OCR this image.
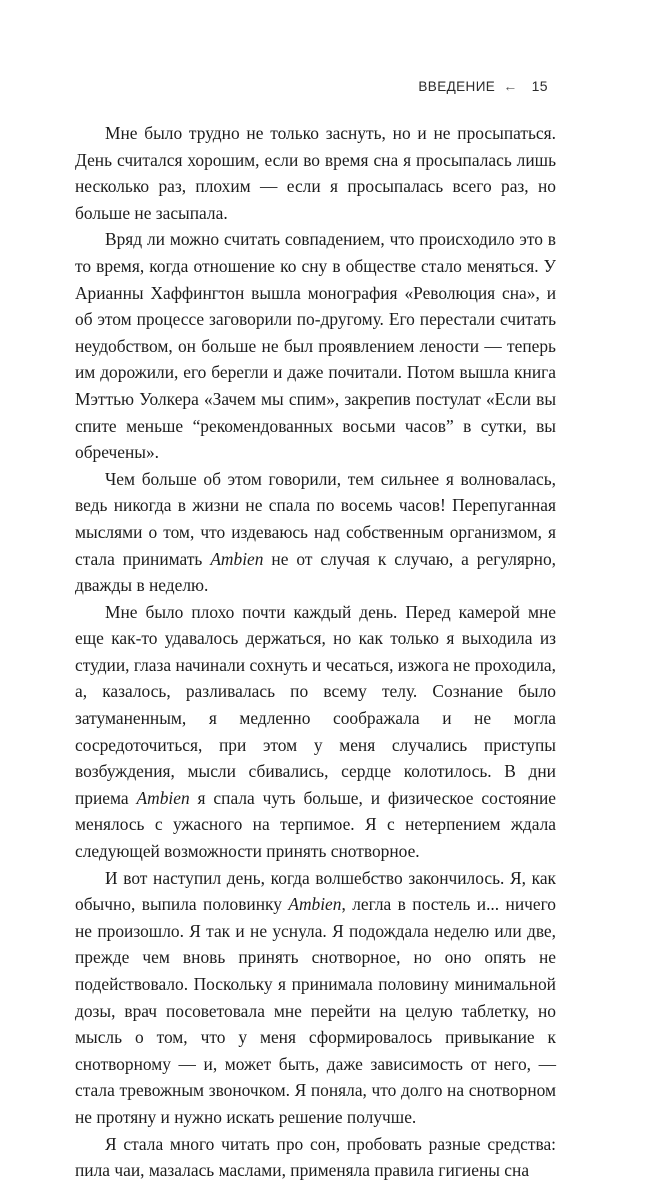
ВВЕДЕНИЕ ← 15

Мне было трудно не только заснуть, но и не просыпаться. День считался хорошим, если во время сна я просыпалась лишь несколько раз, плохим — если я просыпалась всего раз, но больше не засыпала.

Вряд ли можно считать совпадением, что происходило это в то время, когда отношение ко сну в обществе стало меняться. У Арианны Хаффингтон вышла монография «Революция сна», и об этом процессе заговорили по-другому. Его перестали считать неудобством, он больше не был проявлением лености — теперь им дорожили, его берегли и даже почитали. Потом вышла книга Мэттью Уолкера «Зачем мы спим», закрепив постулат «Если вы спите меньше “рекомендованных восьми часов” в сутки, вы обречены».

Чем больше об этом говорили, тем сильнее я волновалась, ведь никогда в жизни не спала по восемь часов! Перепуганная мыслями о том, что издеваюсь над собственным организмом, я стала принимать Ambien не от случая к случаю, а регулярно, дважды в неделю.

Мне было плохо почти каждый день. Перед камерой мне еще как-то удавалось держаться, но как только я выходила из студии, глаза начинали сохнуть и чесаться, изжога не проходила, а, казалось, разливалась по всему телу. Сознание было затуманенным, я медленно соображала и не могла сосредоточиться, при этом у меня случались приступы возбуждения, мысли сбивались, сердце колотилось. В дни приема Ambien я спала чуть больше, и физическое состояние менялось с ужасного на терпимое. Я с нетерпением ждала следующей возможности принять снотворное.

И вот наступил день, когда волшебство закончилось. Я, как обычно, выпила половинку Ambien, легла в постель и... ничего не произошло. Я так и не уснула. Я подождала неделю или две, прежде чем вновь принять снотворное, но оно опять не подействовало. Поскольку я принимала половину минимальной дозы, врач посоветовала мне перейти на целую таблетку, но мысль о том, что у меня сформировалось привыкание к снотворному — и, может быть, даже зависимость от него, — стала тревожным звоночком. Я поняла, что долго на снотворном не протяну и нужно искать решение получше.

Я стала много читать про сон, пробовать разные средства: пила чаи, мазалась маслами, применяла правила гигиены сна
